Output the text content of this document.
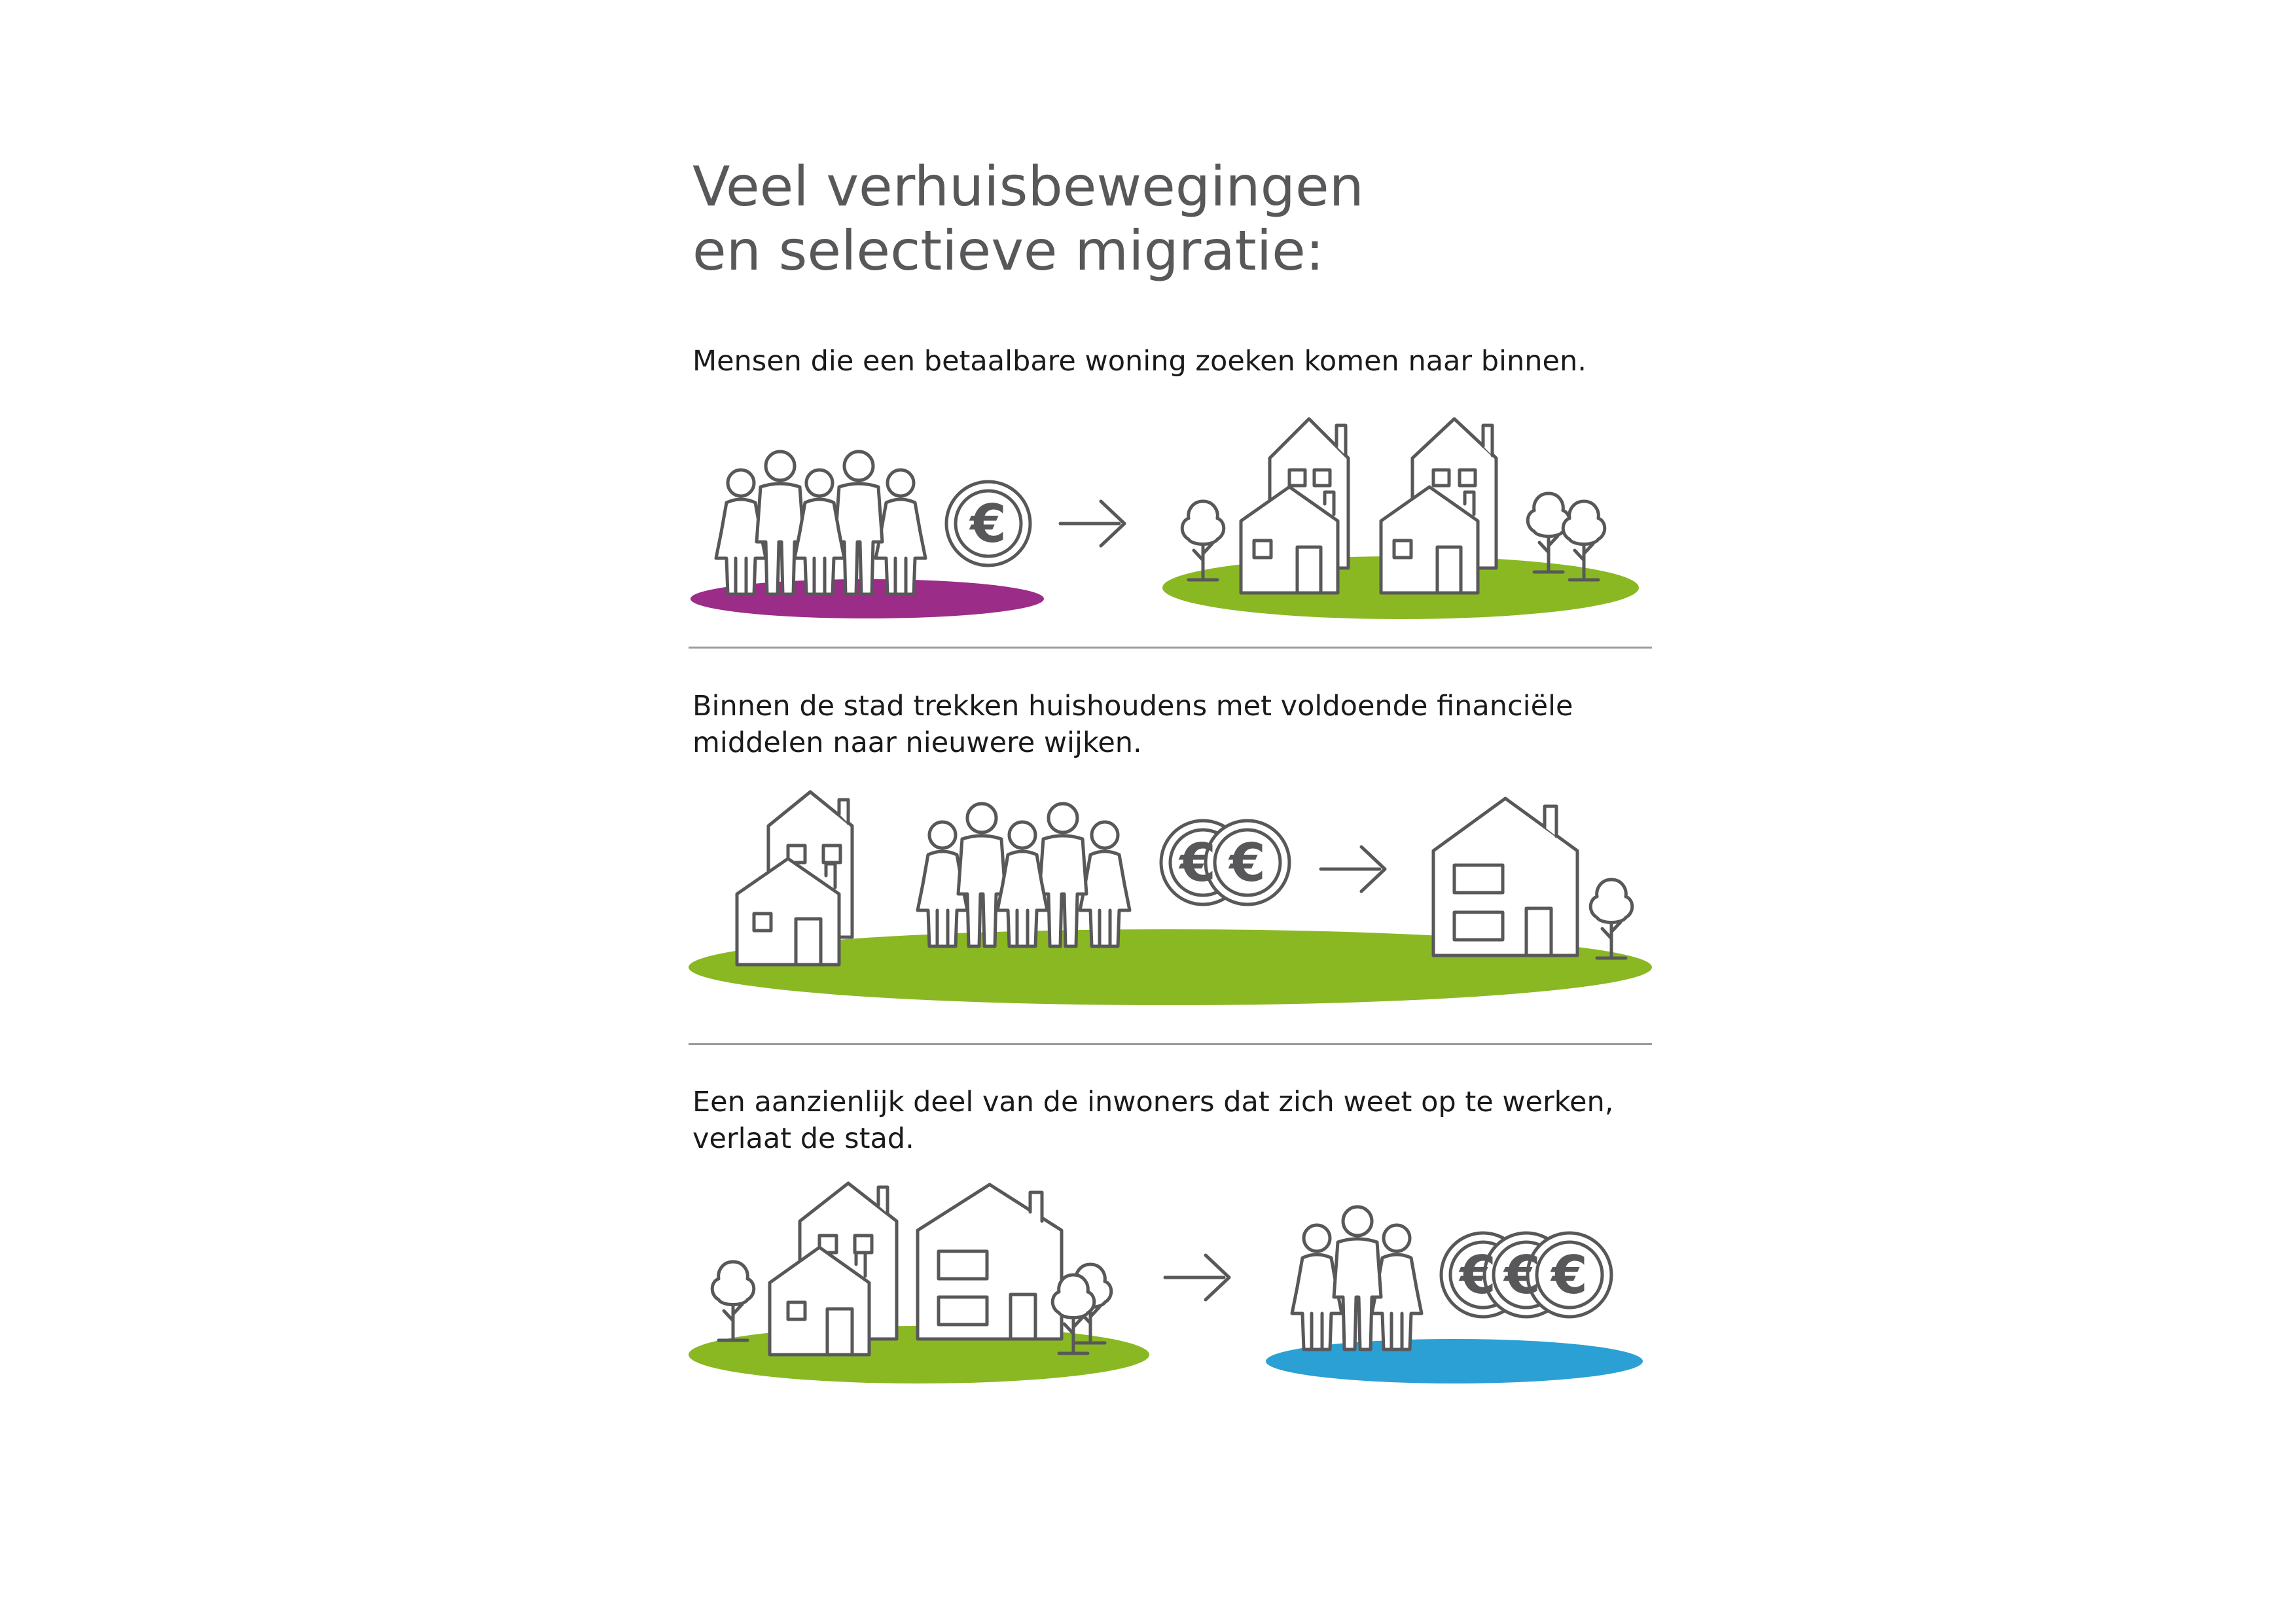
Veel verhuisbewegingen
en selectieve migratie:

Mensen die een betaalbare woning zoeken komen naar binnen.

Binnen de stad trekken huishoudens met voldoende financiële
middelen naar nieuwere wijken.

Een aanzienlijk deel van de inwoners dat zich weet op te werken,
verlaat de stad.

€
€ €
€ € €
